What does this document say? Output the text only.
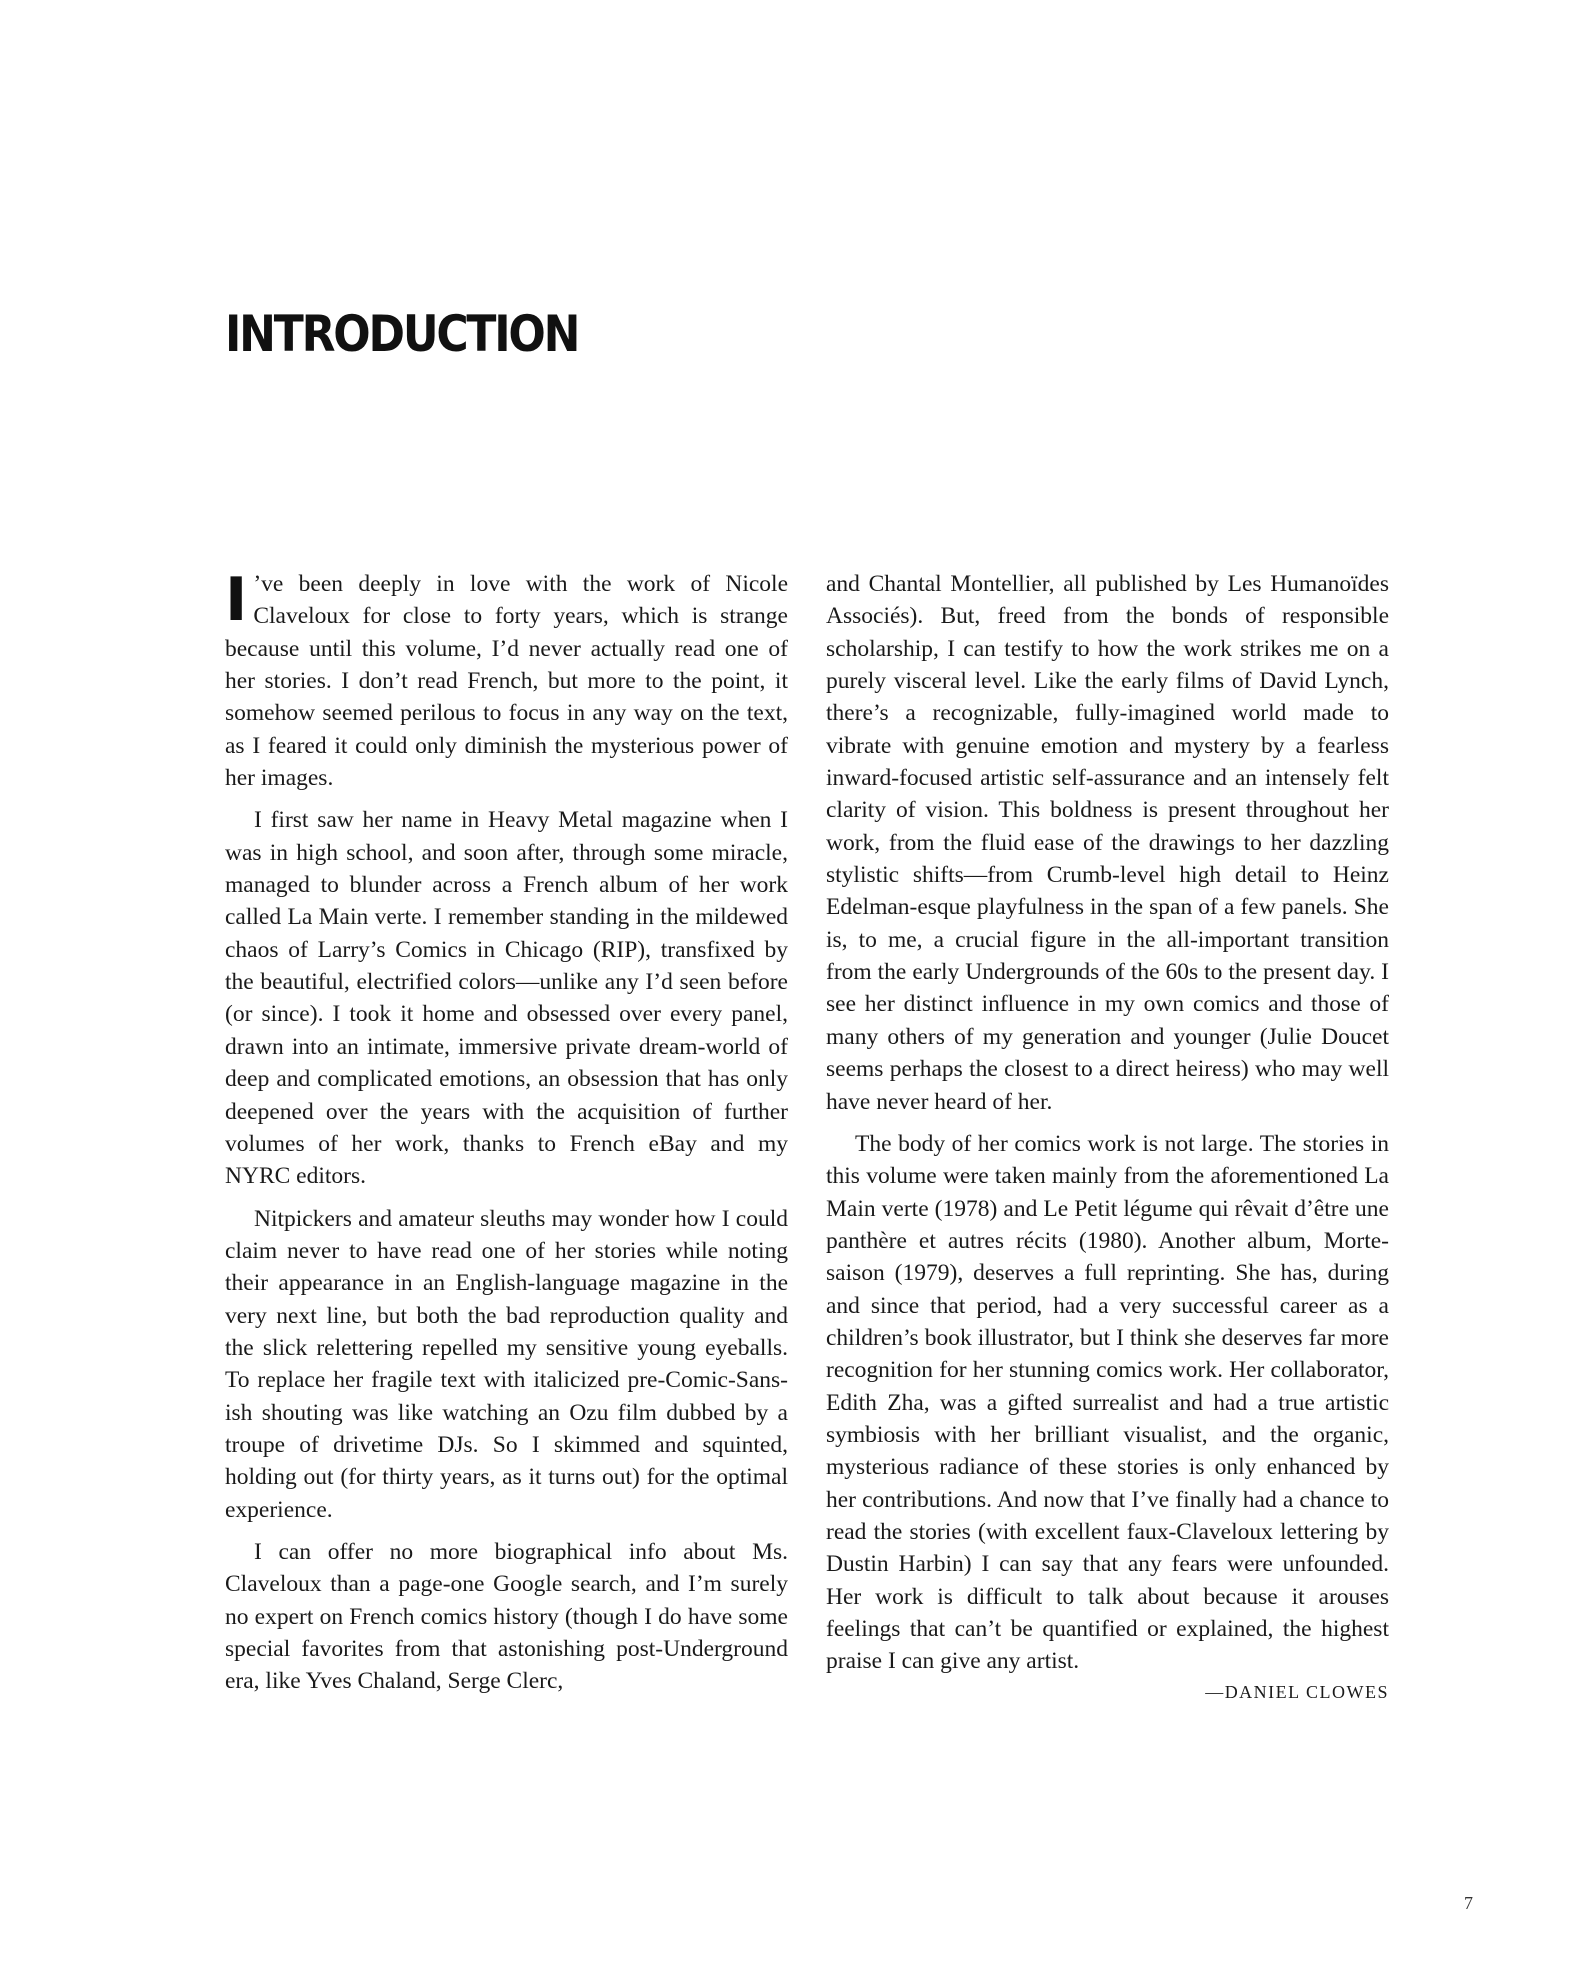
INTRODUCTION

I ’ve been deeply in love with the work of Nicole Claveloux for close to forty years, which is strange because until this volume, I’d never actually read one of her stories. I don’t read French, but more to the point, it somehow seemed perilous to focus in any way on the text, as I feared it could only diminish the mysterious power of her images.

I first saw her name in Heavy Metal magazine when I was in high school, and soon after, through some miracle, managed to blunder across a French album of her work called La Main verte. I remember standing in the mildewed chaos of Larry’s Comics in Chicago (RIP), transfixed by the beautiful, electrified colors—unlike any I’d seen before (or since). I took it home and obsessed over every panel, drawn into an intimate, immersive private dream-world of deep and complicated emotions, an obsession that has only deepened over the years with the acquisition of further volumes of her work, thanks to French eBay and my NYRC editors.

Nitpickers and amateur sleuths may wonder how I could claim never to have read one of her stories while noting their appearance in an English-language magazine in the very next line, but both the bad reproduction quality and the slick relettering repelled my sensitive young eyeballs. To replace her fragile text with italicized pre-Comic-Sans-ish shouting was like watching an Ozu film dubbed by a troupe of drivetime DJs. So I skimmed and squinted, holding out (for thirty years, as it turns out) for the optimal experience.

I can offer no more biographical info about Ms. Claveloux than a page-one Google search, and I’m surely no expert on French comics history (though I do have some special favorites from that astonishing post-Underground era, like Yves Chaland, Serge Clerc,

and Chantal Montellier, all published by Les Humanoïdes Associés). But, freed from the bonds of responsible scholarship, I can testify to how the work strikes me on a purely visceral level. Like the early films of David Lynch, there’s a recognizable, fully-imagined world made to vibrate with genuine emotion and mystery by a fearless inward-focused artistic self-assurance and an intensely felt clarity of vision. This boldness is present throughout her work, from the fluid ease of the drawings to her dazzling stylistic shifts—from Crumb-level high detail to Heinz Edelman-esque playfulness in the span of a few panels. She is, to me, a crucial figure in the all-important transition from the early Undergrounds of the 60s to the present day. I see her distinct influence in my own comics and those of many others of my generation and younger (Julie Doucet seems perhaps the closest to a direct heiress) who may well have never heard of her.

The body of her comics work is not large. The stories in this volume were taken mainly from the aforementioned La Main verte (1978) and Le Petit légume qui rêvait d’être une panthère et autres récits (1980). Another album, Morte-saison (1979), deserves a full reprinting. She has, during and since that period, had a very successful career as a children’s book illustrator, but I think she deserves far more recognition for her stunning comics work. Her collaborator, Edith Zha, was a gifted surrealist and had a true artistic symbiosis with her brilliant visualist, and the organic, mysterious radiance of these stories is only enhanced by her contributions. And now that I’ve finally had a chance to read the stories (with excellent faux-Claveloux lettering by Dustin Harbin) I can say that any fears were unfounded. Her work is difficult to talk about because it arouses feelings that can’t be quantified or explained, the highest praise I can give any artist.

—DANIEL CLOWES

7
